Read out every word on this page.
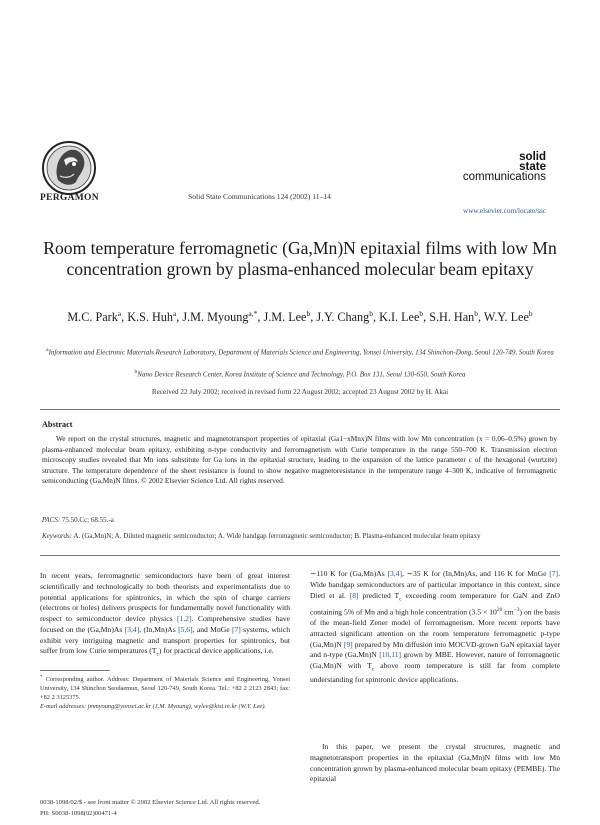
PERGAMON	Solid State Communications 124 (2002) 11–14
solid
state
communications
www.elsevier.com/locate/ssc
Room temperature ferromagnetic (Ga,Mn)N epitaxial films with low Mn concentration grown by plasma-enhanced molecular beam epitaxy
M.C. Park$^a$, K.S. Huh$^a$, J.M. Myoung$^{a,*}$, J.M. Lee$^b$, J.Y. Chang$^b$, K.I. Lee$^b$, S.H. Han$^b$, W.Y. Lee$^b$
$^a$Information and Electronic Materials Research Laboratory, Department of Materials Science and Engineering, Yonsei University, 134 Shinchon-Dong, Seoul 120-749, South Korea
$^b$Nano Device Research Center, Korea Institute of Science and Technology, P.O. Box 131, Seoul 130-650, South Korea
Received 22 July 2002; received in revised form 22 August 2002; accepted 23 August 2002 by H. Akai
Abstract
We report on the crystal structures, magnetic and magnetotransport properties of epitaxial (Ga1−xMnx)N films with low Mn concentration (x = 0.06–0.5%) grown by plasma-enhanced molecular beam epitaxy, exhibiting n-type conductivity and ferromagnetism with Curie temperature in the range 550–700 K. Transmission electron microscopy studies revealed that Mn ions substitute for Ga ions in the epitaxial structure, leading to the expansion of the lattice parameter c of the hexagonal (wurtzite) structure. The temperature dependence of the sheet resistance is found to show negative magnetoresistance in the temperature range 4–300 K, indicative of ferromagnetic semiconducting (Ga,Mn)N films. © 2002 Elsevier Science Ltd. All rights reserved.
PACS: 75.50.Cc; 68.55.-a
Keywords: A. (Ga,Mn)N; A. Diluted magnetic semiconductor; A. Wide bandgap ferromagnetic semiconductor; B. Plasma-enhanced molecular beam epitaxy
In recent years, ferromagnetic semiconductors have been of great interest scientifically and technologically to both theorists and experimentalists due to potential applications for spintronics, in which the spin of charge carriers (electrons or holes) delivers prospects for fundamentally novel functionality with respect to semiconductor device physics [1,2]. Comprehensive studies have focused on the (Ga,Mn)As [3,4], (In,Mn)As [5,6], and MnGe [7] systems, which exhibit very intriguing magnetic and transport properties for spintronics, but suffer from low Curie temperatures $(T_c)$ for practical device applications, i.e.
* Corresponding author. Address: Department of Materials Science and Engineering, Yonsei University, 134 Shinchon Seodaemun, Seoul 120-749, South Korea. Tel.: +82 2 2123 2843; fax: +82 2 3125375.
E-mail addresses: jmmyoung@yonsei.ac.kr (J.M. Myoung), wylee@kist.re.kr (W.Y. Lee).
∼110 K for (Ga,Mn)As [3,4], ∼35 K for (In,Mn)As, and 116 K for MnGe [7]. Wide bandgap semiconductors are of particular importance in this context, since Dietl et al. [8] predicted $T_c$ exceeding room temperature for GaN and ZnO containing 5% of Mn and a high hole concentration ($3.5 \times 10^{20}$ $cm^{-3}$) on the basis of the mean-field Zener model of ferromagnetism. More recent reports have attracted significant attention on the room temperature ferromagnetic p-type (Ga,Mn)N [9] prepared by Mn diffusion into MOCVD-grown GaN epitaxial layer and n-type (Ga,Mn)N [10,11] grown by MBE. However, nature of ferromagnetic (Ga,Mn)N with $T_c$ above room temperature is still far from complete understanding for spintronic device applications.
In this paper, we present the crystal structures, magnetic and magnetotransport properties in the epitaxial (Ga,Mn)N films with low Mn concentration grown by plasma-enhanced molecular beam epitaxy (PEMBE). The epitaxial
0038-1098/02/$ - see front matter © 2002 Elsevier Science Ltd. All rights reserved.
PII: S0038-1098(02)00471-4
